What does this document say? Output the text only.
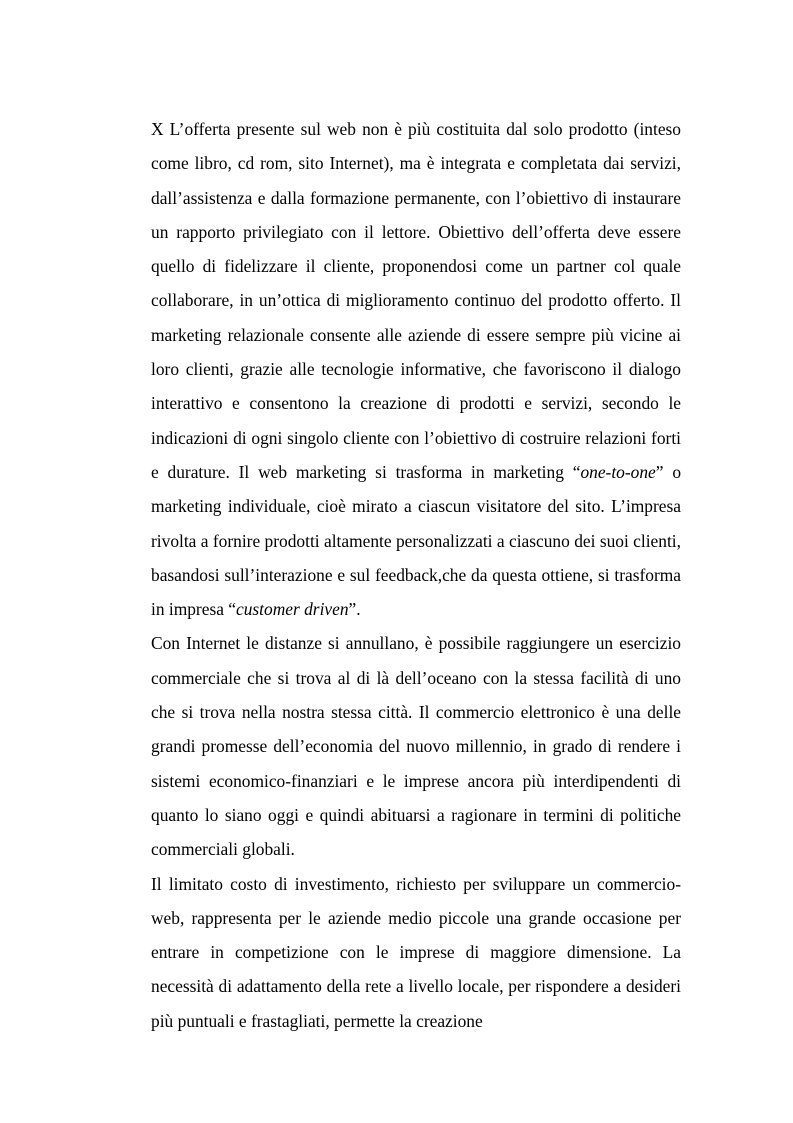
X L’offerta presente sul web non è più costituita dal solo prodotto (inteso come libro, cd rom, sito Internet), ma è integrata e completata dai servizi, dall’assistenza e dalla formazione permanente, con l’obiettivo di instaurare un rapporto privilegiato con il lettore. Obiettivo dell’offerta deve essere quello di fidelizzare il cliente, proponendosi come un partner col quale collaborare, in un’ottica di miglioramento continuo del prodotto offerto. Il marketing relazionale consente alle aziende di essere sempre più vicine ai loro clienti, grazie alle tecnologie informative, che favoriscono il dialogo interattivo e consentono la creazione di prodotti e servizi, secondo le indicazioni di ogni singolo cliente con l’obiettivo di costruire relazioni forti e durature. Il web marketing si trasforma in marketing “one-to-one” o marketing individuale, cioè mirato a ciascun visitatore del sito. L’impresa rivolta a fornire prodotti altamente personalizzati a ciascuno dei suoi clienti, basandosi sull’interazione e sul feedback,che da questa ottiene, si trasforma in impresa “customer driven”.

Con Internet le distanze si annullano, è possibile raggiungere un esercizio commerciale che si trova al di là dell’oceano con la stessa facilità di uno che si trova nella nostra stessa città. Il commercio elettronico è una delle grandi promesse dell’economia del nuovo millennio, in grado di rendere i sistemi economico-finanziari e le imprese ancora più interdipendenti di quanto lo siano oggi e quindi abituarsi a ragionare in termini di politiche commerciali globali.

Il limitato costo di investimento, richiesto per sviluppare un commercio-web, rappresenta per le aziende medio piccole una grande occasione per entrare in competizione con le imprese di maggiore dimensione. La necessità di adattamento della rete a livello locale, per rispondere a desideri più puntuali e frastagliati, permette la creazione
